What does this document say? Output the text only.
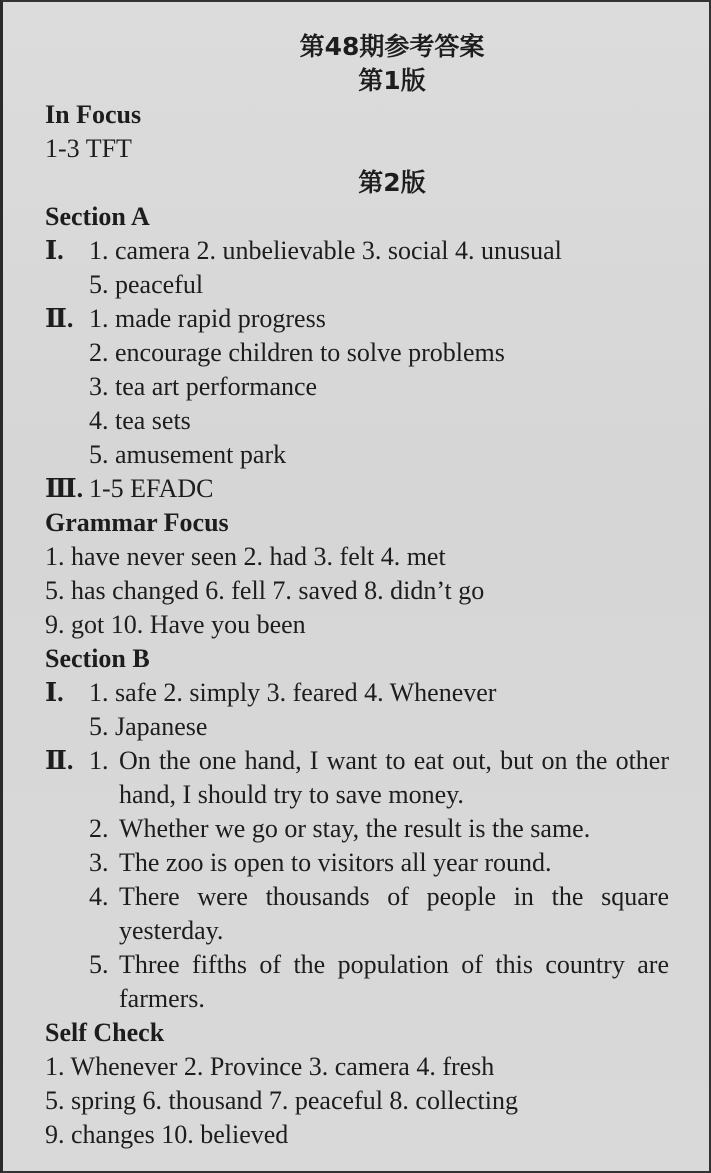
第48期参考答案
第1版
In Focus
1-3 TFT
第2版
Section A
Ⅰ. 1. camera 2. unbelievable 3. social 4. unusual
5. peaceful
Ⅱ. 1. made rapid progress
2. encourage children to solve problems
3. tea art performance
4. tea sets
5. amusement park
Ⅲ. 1-5 EFADC
Grammar Focus
1. have never seen 2. had 3. felt 4. met
5. has changed 6. fell 7. saved 8. didn’t go
9. got 10. Have you been
Section B
Ⅰ. 1. safe 2. simply 3. feared 4. Whenever
5. Japanese
Ⅱ. 1. On the one hand, I want to eat out, but on the other hand, I should try to save money.
2. Whether we go or stay, the result is the same.
3. The zoo is open to visitors all year round.
4. There were thousands of people in the square yesterday.
5. Three fifths of the population of this country are farmers.
Self Check
1. Whenever 2. Province 3. camera 4. fresh
5. spring 6. thousand 7. peaceful 8. collecting
9. changes 10. believed
